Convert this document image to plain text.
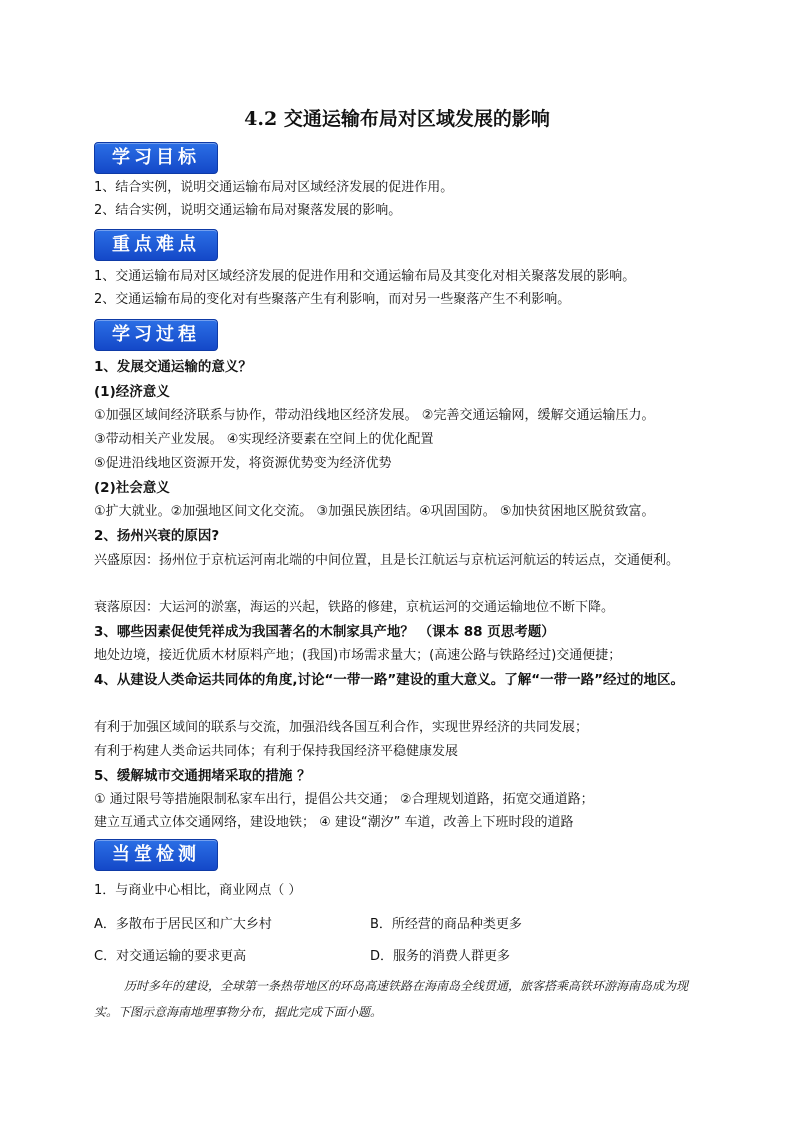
4.2 交通运输布局对区域发展的影响
学习目标
1、结合实例，说明交通运输布局对区域经济发展的促进作用。
2、结合实例，说明交通运输布局对聚落发展的影响。
重点难点
1、交通运输布局对区域经济发展的促进作用和交通运输布局及其变化对相关聚落发展的影响。
2、交通运输布局的变化对有些聚落产生有利影响，而对另一些聚落产生不利影响。
学习过程
1、发展交通运输的意义？
(1)经济意义
①加强区域间经济联系与协作，带动沿线地区经济发展。 ②完善交通运输网，缓解交通运输压力。
③带动相关产业发展。 ④实现经济要素在空间上的优化配置
⑤促进沿线地区资源开发，将资源优势变为经济优势
(2)社会意义
①扩大就业。②加强地区间文化交流。 ③加强民族团结。④巩固国防。 ⑤加快贫困地区脱贫致富。
2、扬州兴衰的原因?
兴盛原因：扬州位于京杭运河南北端的中间位置，且是长江航运与京杭运河航运的转运点，交通便利。
衰落原因：大运河的淤塞，海运的兴起，铁路的修建，京杭运河的交通运输地位不断下降。
3、哪些因素促使凭祥成为我国著名的木制家具产地？ （课本 88 页思考题）
地处边境，接近优质木材原料产地；(我国)市场需求量大；(高速公路与铁路经过)交通便捷；
4、从建设人类命运共同体的角度,讨论“一带一路”建设的重大意义。了解“一带一路”经过的地区。
有利于加强区域间的联系与交流，加强沿线各国互利合作，实现世界经济的共同发展；
有利于构建人类命运共同体；有利于保持我国经济平稳健康发展
5、缓解城市交通拥堵采取的措施 ？
① 通过限号等措施限制私家车出行，提倡公共交通； ②合理规划道路，拓宽交通道路；
建立互通式立体交通网络，建设地铁； ④ 建设“潮汐” 车道，改善上下班时段的道路
当堂检测
1．与商业中心相比，商业网点（ ）
A．多散布于居民区和广大乡村	B．所经营的商品种类更多
C．对交通运输的要求更高	D．服务的消费人群更多
历时多年的建设，全球第一条热带地区的环岛高速铁路在海南岛全线贯通，旅客搭乘高铁环游海南岛成为现实。下图示意海南地理事物分布，据此完成下面小题。
